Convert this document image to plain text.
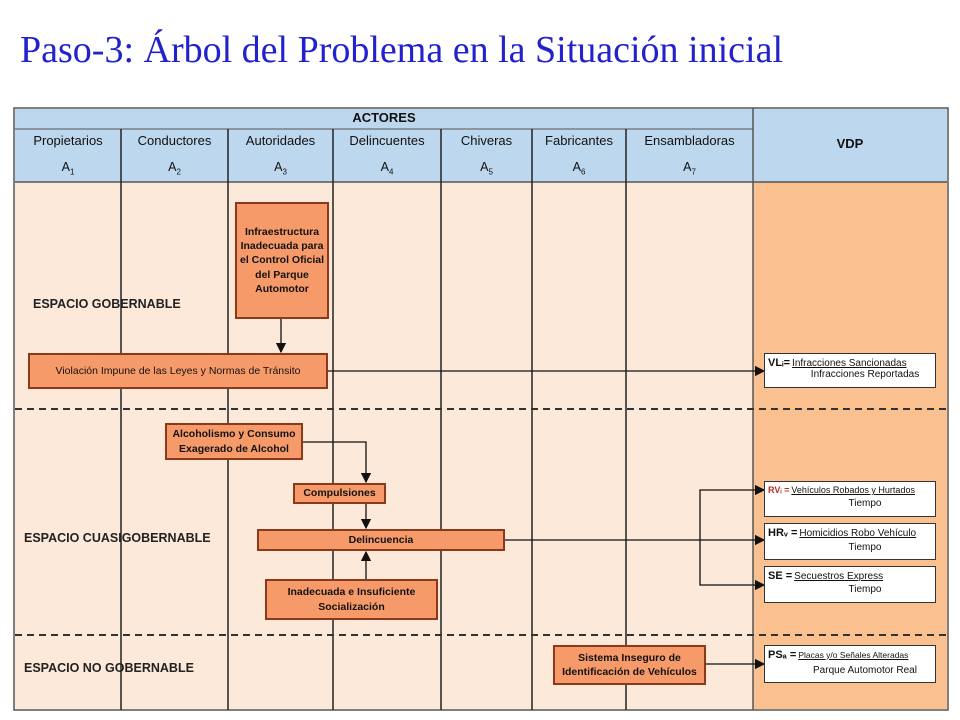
Paso-3: Árbol del Problema en la Situación inicial
ACTORES
VDP
Propietarios
$A_1$
Conductores
$A_2$
Autoridades
$A_3$
Delincuentes
$A_4$
Chiveras
$A_5$
Fabricantes
$A_6$
Ensambladoras
$A_7$
ESPACIO GOBERNABLE
ESPACIO CUASIGOBERNABLE
ESPACIO NO GOBERNABLE
Infraestructura Inadecuada para el Control Oficial del Parque Automotor
Violación Impune de las Leyes y Normas de Tránsito
Alcoholismo y Consumo Exagerado de Alcohol
Compulsiones
Delincuencia
Inadecuada e Insuficiente Socialización
Sistema Inseguro de Identificación de Vehículos
VLᵢ= Infracciones Sancionadas
Infracciones Reportadas
RVᵢ = Vehículos Robados y Hurtados
Tiempo
HRᵥ = Homicidios Robo Vehículo
Tiempo
SE = Secuestros Express
Tiempo
PSₐ = Placas y/o Señales Alteradas
Parque Automotor Real
